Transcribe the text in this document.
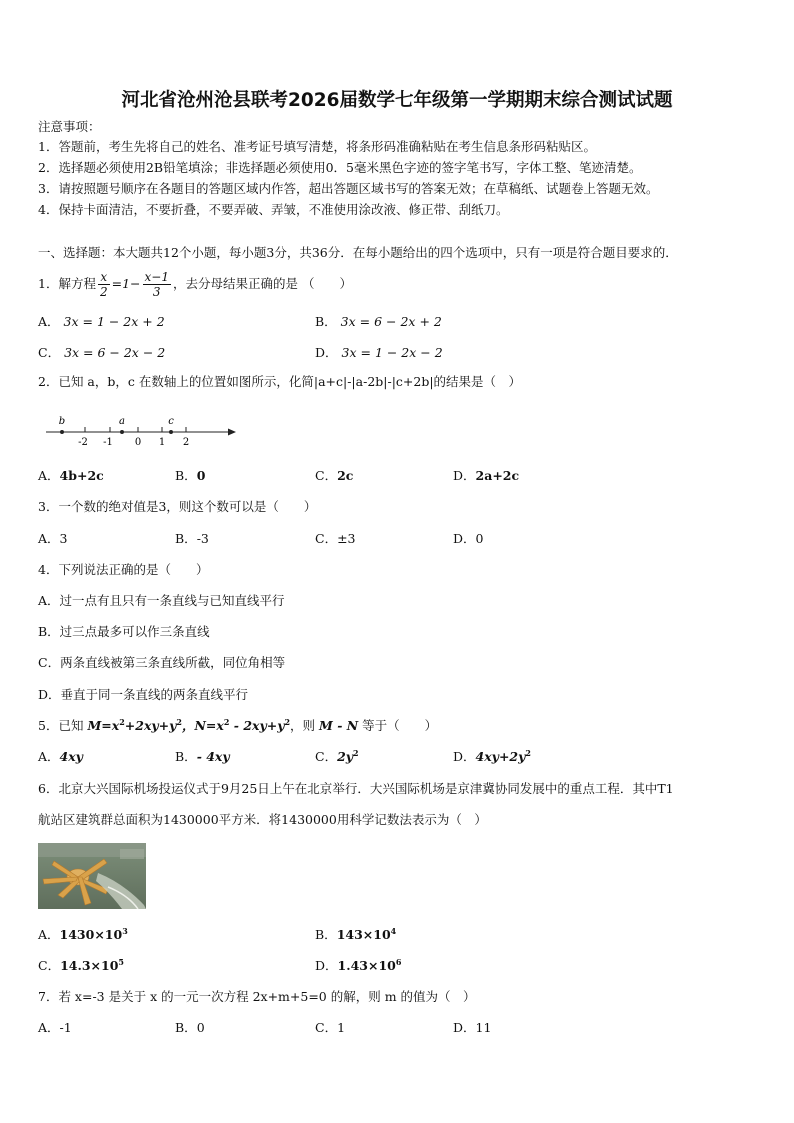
河北省沧州沧县联考2026届数学七年级第一学期期末综合测试试题
注意事项：
1．答题前，考生先将自己的姓名、准考证号填写清楚，将条形码准确粘贴在考生信息条形码粘贴区。
2．选择题必须使用2B铅笔填涂；非选择题必须使用0．5毫米黑色字迹的签字笔书写，字体工整、笔迹清楚。
3．请按照题号顺序在各题目的答题区域内作答，超出答题区域书写的答案无效；在草稿纸、试题卷上答题无效。
4．保持卡面清洁，不要折叠，不要弄破、弄皱，不准使用涂改液、修正带、刮纸刀。
一、选择题：本大题共12个小题，每小题3分，共36分．在每小题给出的四个选项中，只有一项是符合题目要求的．
1．解方程 $\frac{x}{2} =1- \frac{x-1}{3}$ ，去分母结果正确的是 （　　）
A． 3x = 1 − 2x + 2	B． 3x = 6 − 2x + 2
C． 3x = 6 − 2x − 2	D． 3x = 1 − 2x − 2
2．已知 a，b，c 在数轴上的位置如图所示，化简|a+c|-|a-2b|-|c+2b|的结果是（　）
b	a	c
-2 -1 0 1 2
A．4b+2c	B．0	C．2c	D．2a+2c
3．一个数的绝对值是3，则这个数可以是（　　）
A．3	B．-3	C．±3	D．0
4．下列说法正确的是（　　）
A．过一点有且只有一条直线与已知直线平行
B．过三点最多可以作三条直线
C．两条直线被第三条直线所截，同位角相等
D．垂直于同一条直线的两条直线平行
5．已知 $M=x^2+2xy+y^2$，$N=x^2 - 2xy+y^2$，则 M - N 等于（　　）
A．4xy	B．- 4xy	C．$2y^2$	D．$4xy+2y^2$
6．北京大兴国际机场投运仪式于9月25日上午在北京举行．大兴国际机场是京津冀协同发展中的重点工程．其中T1
航站区建筑群总面积为1430000平方米．将1430000用科学记数法表示为（　）
A．$1430\times 10^3$	B．$143\times 10^4$
C．$14.3\times 10^5$	D．$1.43\times 10^6$
7．若 x=-3 是关于 x 的一元一次方程 2x+m+5=0 的解，则 m 的值为（　）
A．-1	B．0	C．1	D．11
